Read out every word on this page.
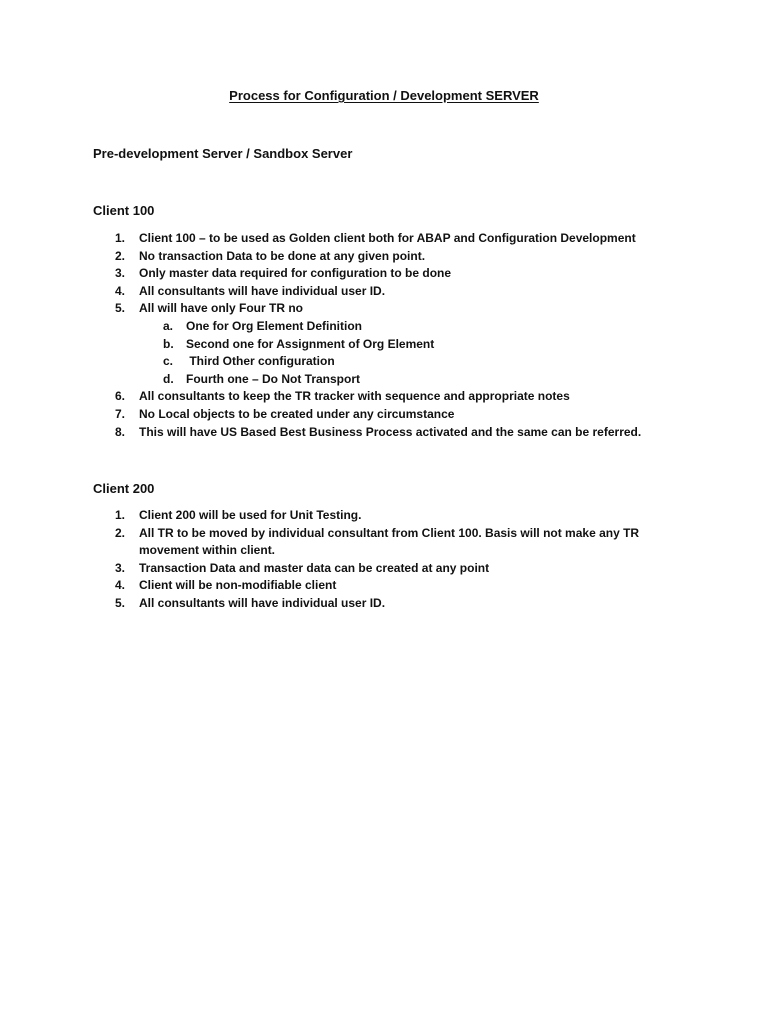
Process for Configuration / Development SERVER
Pre-development Server / Sandbox Server
Client 100
1.	Client 100 – to be used as Golden client both for ABAP and Configuration Development
2.	No transaction Data to be done at any given point.
3.	Only master data required for configuration to be done
4.	All consultants will have individual user ID.
5.	All will have only Four TR no
a. One for Org Element Definition
b. Second one for Assignment of Org Element
c. Third Other configuration
d. Fourth one – Do Not Transport
6.	All consultants to keep the TR tracker with sequence and appropriate notes
7.	No Local objects to be created under any circumstance
8.	This will have US Based Best Business Process activated and the same can be referred.
Client 200
1.	Client 200 will be used for Unit Testing.
2.	All TR to be moved by individual consultant from Client 100. Basis will not make any TR movement within client.
3.	Transaction Data and master data can be created at any point
4.	Client will be non-modifiable client
5.	All consultants will have individual user ID.
